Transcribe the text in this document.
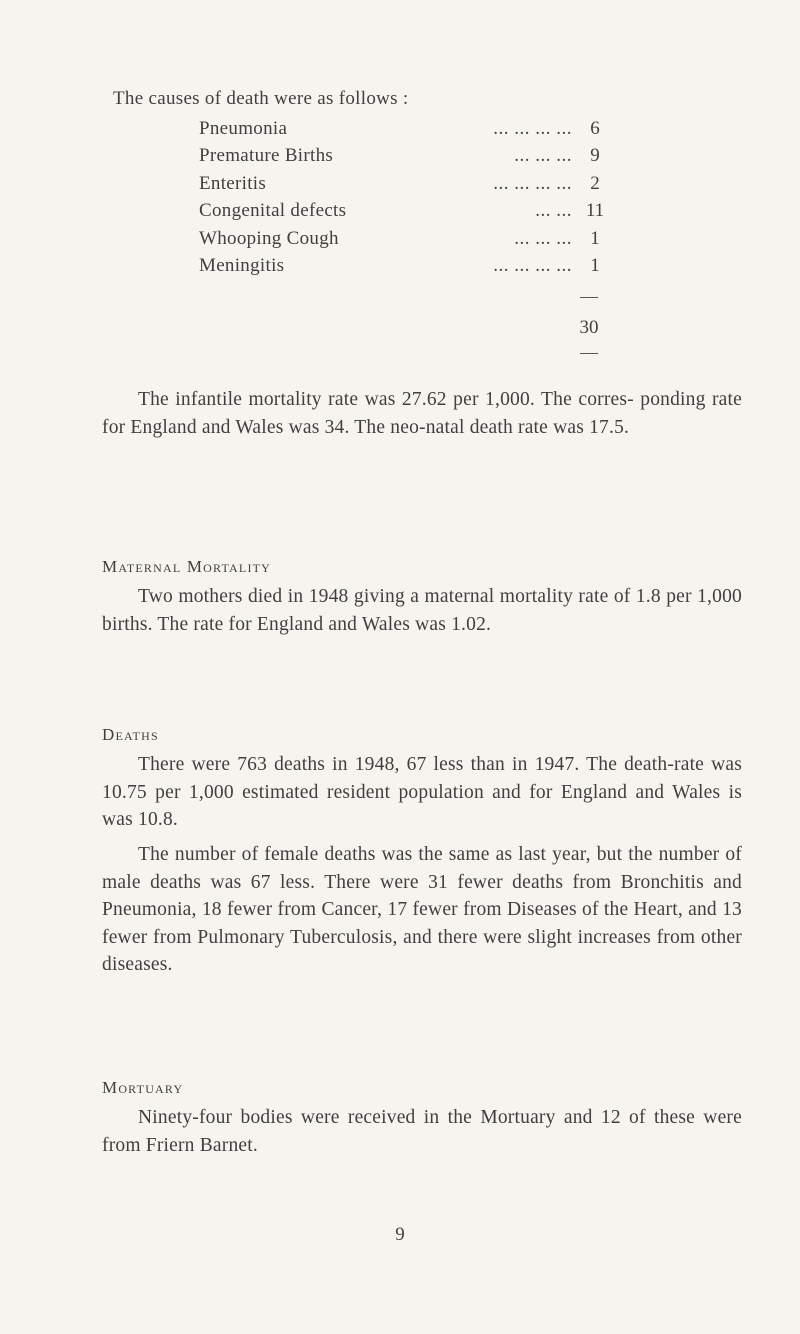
The causes of death were as follows :
Pneumonia	... ... ... ... 6
Premature Births	... ... ... 9
Enteritis	... ... ... ... 2
Congenital defects	... ... 11
Whooping Cough	... ... ... 1
Meningitis	... ... ... ... 1
30
The infantile mortality rate was 27.62 per 1,000. The corres- ponding rate for England and Wales was 34. The neo-natal death rate was 17.5.
Maternal Mortality
Two mothers died in 1948 giving a maternal mortality rate of 1.8 per 1,000 births. The rate for England and Wales was 1.02.
Deaths
There were 763 deaths in 1948, 67 less than in 1947. The death-rate was 10.75 per 1,000 estimated resident population and for England and Wales is was 10.8.
The number of female deaths was the same as last year, but the number of male deaths was 67 less. There were 31 fewer deaths from Bronchitis and Pneumonia, 18 fewer from Cancer, 17 fewer from Diseases of the Heart, and 13 fewer from Pulmonary Tuberculosis, and there were slight increases from other diseases.
Mortuary
Ninety-four bodies were received in the Mortuary and 12 of these were from Friern Barnet.
9
